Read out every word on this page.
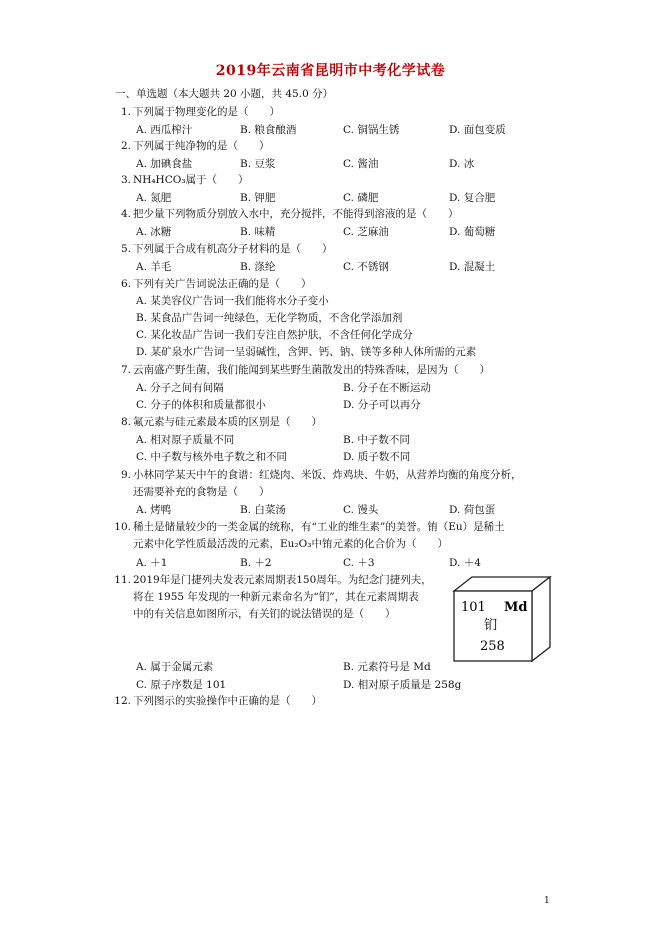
2019年云南省昆明市中考化学试卷
一、单选题（本大题共 20 小题，共 45.0 分）
1. 下列属于物理变化的是（　　）
A. 西瓜榨汁	B. 粮食酿酒	C. 铜锅生锈	D. 面包变质
2. 下列属于纯净物的是（　　）
A. 加碘食盐	B. 豆浆	C. 酱油	D. 冰
3. NH₄HCO₃属于（　　）
A. 氮肥	B. 钾肥	C. 磷肥	D. 复合肥
4. 把少量下列物质分别放入水中，充分搅拌，不能得到溶液的是（　　）
A. 冰糖	B. 味精	C. 芝麻油	D. 葡萄糖
5. 下列属于合成有机高分子材料的是（　　）
A. 羊毛	B. 涤纶	C. 不锈钢	D. 混凝土
6. 下列有关广告词说法正确的是（　　）
A. 某美容仪广告词一我们能将水分子变小
B. 某食品广告词一纯绿色，无化学物质，不含化学添加剂
C. 某化妆品广告词一我们专注自然护肤，不含任何化学成分
D. 某矿泉水广告词一呈弱碱性，含钾、钙、钠、镁等多种人体所需的元素
7. 云南盛产野生菌，我们能闻到某些野生菌散发出的特殊香味，是因为（　　）
A. 分子之间有间隔	B. 分子在不断运动
C. 分子的体积和质量都很小	D. 分子可以再分
8. 氟元素与硅元素最本质的区别是（　　）
A. 相对原子质量不同	B. 中子数不同
C. 中子数与核外电子数之和不同	D. 质子数不同
9. 小林同学某天中午的食谱：红烧肉、米饭、炸鸡块、牛奶，从营养均衡的角度分析，
还需要补充的食物是（　　）
A. 烤鸭	B. 白菜汤	C. 馒头	D. 荷包蛋
10. 稀土是储量较少的一类金属的统称，有“工业的维生素”的美誉。铕（Eu）是稀土
元素中化学性质最活泼的元素，Eu₂O₃中铕元素的化合价为（　　）
A. ＋1	B. ＋2	C. ＋3	D. ＋4
11. 2019年是门捷列夫发表元素周期表150周年。为纪念门捷列夫，
将在 1955 年发现的一种新元素命名为“钔”，其在元素周期表
中的有关信息如图所示，有关钔的说法错误的是（　　）	101 Md
钔
258
A. 属于金属元素	B. 元素符号是 Md
C. 原子序数是 101	D. 相对原子质量是 258g
12. 下列图示的实验操作中正确的是（　　）
1
